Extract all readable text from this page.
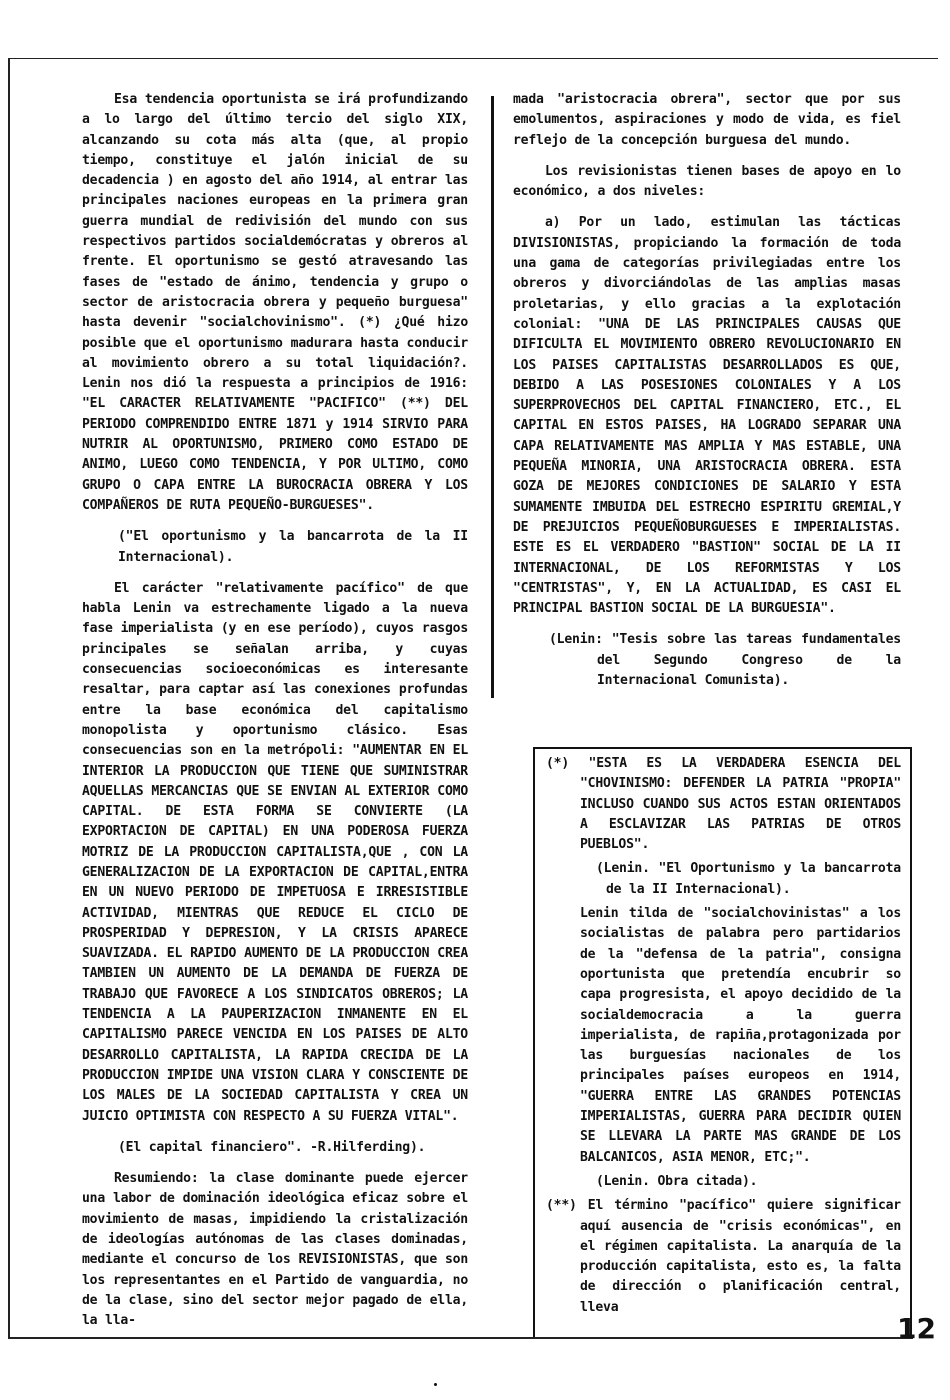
Esa tendencia oportunista se irá profundizando a lo largo del último tercio del siglo XIX, alcanzando su cota más alta (que, al propio tiempo, constituye el jalón inicial de su decadencia ) en agosto del año 1914, al entrar las principales naciones europeas en la primera gran guerra mundial de redivisión del mundo con sus respectivos partidos socialdemócratas y obreros al frente. El oportunismo se gestó atravesando las fases de "estado de ánimo, tendencia y grupo o sector de aristocracia obrera y pequeño burguesa" hasta devenir "socialchovinismo". (*) ¿Qué hizo posible que el oportunismo madurara hasta conducir al movimiento obrero a su total liquidación?. Lenin nos dió la respuesta a principios de 1916: "EL CARACTER RELATIVAMENTE "PACIFICO" (**) DEL PERIODO COMPRENDIDO ENTRE 1871 y 1914 SIRVIO PARA NUTRIR AL OPORTUNISMO, PRIMERO COMO ESTADO DE ANIMO, LUEGO COMO TENDENCIA, Y POR ULTIMO, COMO GRUPO O CAPA ENTRE LA BUROCRACIA OBRERA Y LOS COMPAÑEROS DE RUTA PEQUEÑO-BURGUESES".

("El oportunismo y la bancarrota de la II Internacional).

El carácter "relativamente pacífico" de que habla Lenin va estrechamente ligado a la nueva fase imperialista (y en ese período), cuyos rasgos principales se señalan arriba, y cuyas consecuencias socioeconómicas es interesante resaltar, para captar así las conexiones profundas entre la base económica del capitalismo monopolista y oportunismo clásico. Esas consecuencias son en la metrópoli: "AUMENTAR EN EL INTERIOR LA PRODUCCION QUE TIENE QUE SUMINISTRAR AQUELLAS MERCANCIAS QUE SE ENVIAN AL EXTERIOR COMO CAPITAL. DE ESTA FORMA SE CONVIERTE (LA EXPORTACION DE CAPITAL) EN UNA PODEROSA FUERZA MOTRIZ DE LA PRODUCCION CAPITALISTA,QUE , CON LA GENERALIZACION DE LA EXPORTACION DE CAPITAL,ENTRA EN UN NUEVO PERIODO DE IMPETUOSA E IRRESISTIBLE ACTIVIDAD, MIENTRAS QUE REDUCE EL CICLO DE PROSPERIDAD Y DEPRESION, Y LA CRISIS APARECE SUAVIZADA. EL RAPIDO AUMENTO DE LA PRODUCCION CREA TAMBIEN UN AUMENTO DE LA DEMANDA DE FUERZA DE TRABAJO QUE FAVORECE A LOS SINDICATOS OBREROS; LA TENDENCIA A LA PAUPERIZACION INMANENTE EN EL CAPITALISMO PARECE VENCIDA EN LOS PAISES DE ALTO DESARROLLO CAPITALISTA, LA RAPIDA CRECIDA DE LA PRODUCCION IMPIDE UNA VISION CLARA Y CONSCIENTE DE LOS MALES DE LA SOCIEDAD CAPITALISTA Y CREA UN JUICIO OPTIMISTA CON RESPECTO A SU FUERZA VITAL".

(El capital financiero". -R.Hilferding).

Resumiendo: la clase dominante puede ejercer una labor de dominación ideológica eficaz sobre el movimiento de masas, impidiendo la cristalización de ideologías autónomas de las clases dominadas, mediante el concurso de los REVISIONISTAS, que son los representantes en el Partido de vanguardia, no de la clase, sino del sector mejor pagado de ella, la lla-

mada "aristocracia obrera", sector que por sus emolumentos, aspiraciones y modo de vida, es fiel reflejo de la concepción burguesa del mundo.

Los revisionistas tienen bases de apoyo en lo económico, a dos niveles:

a) Por un lado, estimulan las tácticas DIVISIONISTAS, propiciando la formación de toda una gama de categorías privilegiadas entre los obreros y divorciándolas de las amplias masas proletarias, y ello gracias a la explotación colonial: "UNA DE LAS PRINCIPALES CAUSAS QUE DIFICULTA EL MOVIMIENTO OBRERO REVOLUCIONARIO EN LOS PAISES CAPITALISTAS DESARROLLADOS ES QUE, DEBIDO A LAS POSESIONES COLONIALES Y A LOS SUPERPROVECHOS DEL CAPITAL FINANCIERO, ETC., EL CAPITAL EN ESTOS PAISES, HA LOGRADO SEPARAR UNA CAPA RELATIVAMENTE MAS AMPLIA Y MAS ESTABLE, UNA PEQUEÑA MINORIA, UNA ARISTOCRACIA OBRERA. ESTA GOZA DE MEJORES CONDICIONES DE SALARIO Y ESTA SUMAMENTE IMBUIDA DEL ESTRECHO ESPIRITU GREMIAL,Y DE PREJUICIOS PEQUEÑOBURGUESES E IMPERIALISTAS. ESTE ES EL VERDADERO "BASTION" SOCIAL DE LA II INTERNACIONAL, DE LOS REFORMISTAS Y LOS "CENTRISTAS", Y, EN LA ACTUALIDAD, ES CASI EL PRINCIPAL BASTION SOCIAL DE LA BURGUESIA".

(Lenin: "Tesis sobre las tareas fundamentales del Segundo Congreso de la Internacional Comunista).

(*) "ESTA ES LA VERDADERA ESENCIA DEL "CHOVINISMO: DEFENDER LA PATRIA "PROPIA" INCLUSO CUANDO SUS ACTOS ESTAN ORIENTADOS A ESCLAVIZAR LAS PATRIAS DE OTROS PUEBLOS".

(Lenin. "El Oportunismo y la bancarrota de la II Internacional).

Lenin tilda de "socialchovinistas" a los socialistas de palabra pero partidarios de la "defensa de la patria", consigna oportunista que pretendía encubrir so capa progresista, el apoyo decidido de la socialdemocracia a la guerra imperialista, de rapiña,protagonizada por las burguesías nacionales de los principales países europeos en 1914, "GUERRA ENTRE LAS GRANDES POTENCIAS IMPERIALISTAS, GUERRA PARA DECIDIR QUIEN SE LLEVARA LA PARTE MAS GRANDE DE LOS BALCANICOS, ASIA MENOR, ETC;".

(Lenin. Obra citada).

(**) El término "pacífico" quiere significar aquí ausencia de "crisis económicas", en el régimen capitalista. La anarquía de la producción capitalista, esto es, la falta de dirección o planificación central, lleva

12
